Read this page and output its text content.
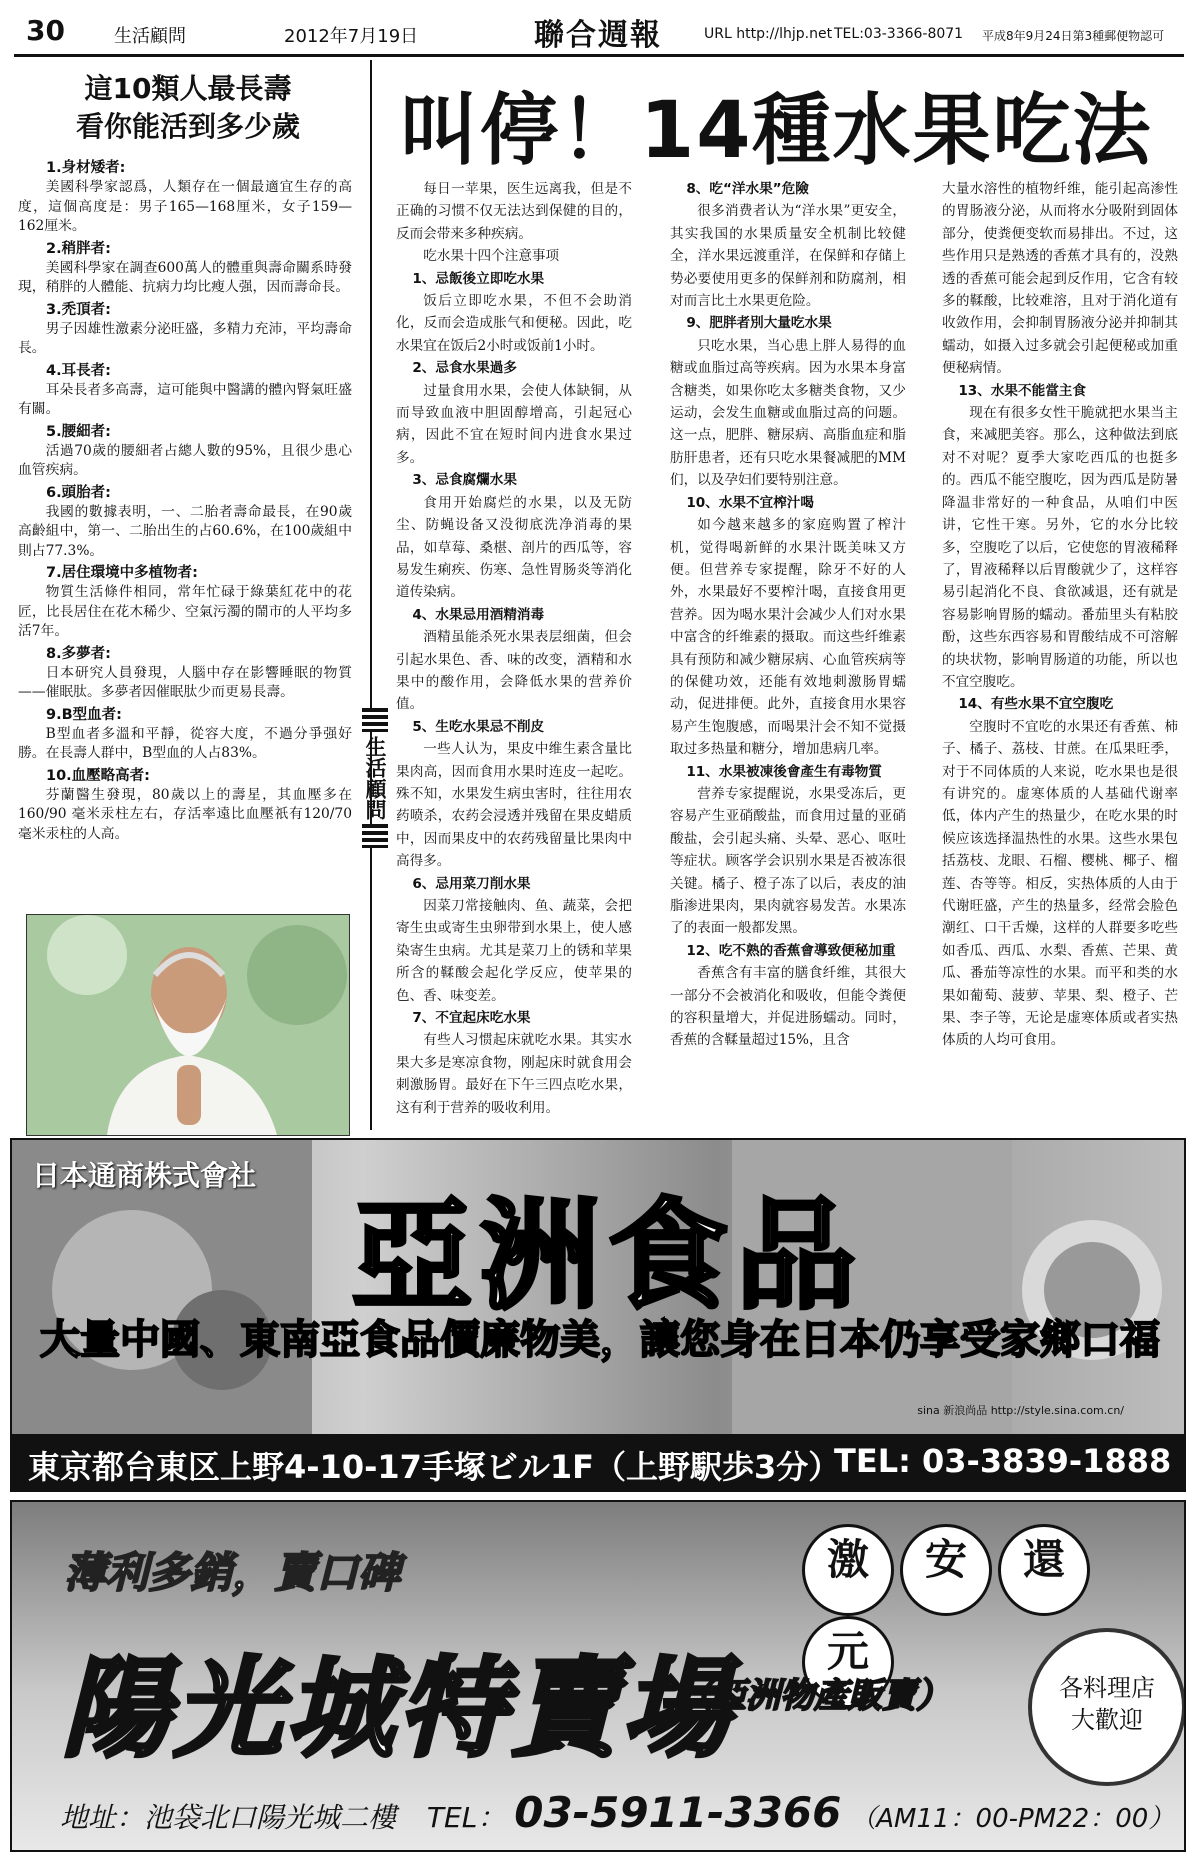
30	生活顧問	2012年7月19日	聯合週報	URL http://lhjp.net TEL:03-3366-8071 平成8年9月24日第3種郵便物認可
這10類人最長壽
看你能活到多少歲
1.身材矮者:
美國科學家認爲，人類存在一個最適宜生存的高度，這個高度是：男子165—168厘米，女子159—162厘米。
2.稍胖者:
美國科學家在調查600萬人的體重與壽命關系時發現，稍胖的人體能、抗病力均比瘦人强，因而壽命長。
3.禿頂者:
男子因雄性激素分泌旺盛，多精力充沛，平均壽命長。
4.耳長者:
耳朵長者多高壽，這可能與中醫講的體內腎氣旺盛有關。
5.腰細者:
活過70歲的腰細者占總人數的95%，且很少患心血管疾病。
6.頭胎者:
我國的數據表明，一、二胎者壽命最長，在90歲高齡組中，第一、二胎出生的占60.6%，在100歲組中則占77.3%。
7.居住環境中多植物者:
物質生活條件相同，常年忙碌于綠葉紅花中的花匠，比長居住在花木稀少、空氣污濁的鬧市的人平均多活7年。
8.多夢者:
日本研究人員發現，人腦中存在影響睡眠的物質——催眠肽。多夢者因催眠肽少而更易長壽。
9.B型血者:
B型血者多溫和平靜，從容大度，不過分爭强好勝。在長壽人群中，B型血的人占83%。
10.血壓略高者:
芬蘭醫生發現，80歲以上的壽星，其血壓多在160/90 毫米汞柱左右，存活率遠比血壓祇有120/70毫米汞柱的人高。
叫停！14種水果吃法
生活顧問

每日一苹果，医生远离我，但是不正确的习惯不仅无法达到保健的目的，反而会带来多种疾病。

吃水果十四个注意事项

1、忌飯後立即吃水果

饭后立即吃水果，不但不会助消化，反而会造成胀气和便秘。因此，吃水果宜在饭后2小时或饭前1小时。

2、忌食水果過多

过量食用水果，会使人体缺铜，从而导致血液中胆固醇增高，引起冠心病，因此不宜在短时间内进食水果过多。

3、忌食腐爛水果

食用开始腐烂的水果，以及无防尘、防蝇设备又没彻底洗净消毒的果品，如草莓、桑椹、剖片的西瓜等，容易发生痢疾、伤寒、急性胃肠炎等消化道传染病。

4、水果忌用酒精消毒

酒精虽能杀死水果表层细菌，但会引起水果色、香、味的改变，酒精和水果中的酸作用，会降低水果的营养价值。

5、生吃水果忌不削皮

一些人认为，果皮中维生素含量比果肉高，因而食用水果时连皮一起吃。殊不知，水果发生病虫害时，往往用农药喷杀，农药会浸透并残留在果皮蜡质中，因而果皮中的农药残留量比果肉中高得多。

6、忌用菜刀削水果

因菜刀常接触肉、鱼、蔬菜，会把寄生虫或寄生虫卵带到水果上，使人感染寄生虫病。尤其是菜刀上的锈和苹果所含的鞣酸会起化学反应，使苹果的色、香、味变差。

7、不宜起床吃水果

有些人习惯起床就吃水果。其实水果大多是寒凉食物，刚起床时就食用会刺激肠胃。最好在下午三四点吃水果，这有利于营养的吸收利用。

8、吃“洋水果”危險

很多消费者认为“洋水果”更安全，其实我国的水果质量安全机制比较健全，洋水果远渡重洋，在保鲜和存储上势必要使用更多的保鲜剂和防腐剂，相对而言比土水果更危险。

9、肥胖者別大量吃水果

只吃水果，当心患上胖人易得的血糖或血脂过高等疾病。因为水果本身富含糖类，如果你吃太多糖类食物，又少运动，会发生血糖或血脂过高的问题。这一点，肥胖、糖尿病、高脂血症和脂肪肝患者，还有只吃水果餐减肥的MM们，以及孕妇们要特别注意。

10、水果不宜榨汁喝

如今越来越多的家庭购置了榨汁机，觉得喝新鲜的水果汁既美味又方便。但营养专家提醒，除牙不好的人外，水果最好不要榨汁喝，直接食用更营养。因为喝水果汁会减少人们对水果中富含的纤维素的摄取。而这些纤维素具有预防和减少糖尿病、心血管疾病等的保健功效，还能有效地刺激肠胃蠕动，促进排便。此外，直接食用水果容易产生饱腹感，而喝果汁会不知不觉摄取过多热量和糖分，增加患病几率。

11、水果被凍後會產生有毒物質

营养专家提醒说，水果受冻后，更容易产生亚硝酸盐，而食用过量的亚硝酸盐，会引起头痛、头晕、恶心、呕吐等症状。顾客学会识别水果是否被冻很关键。橘子、橙子冻了以后，表皮的油脂渗进果肉，果肉就容易发苦。水果冻了的表面一般都发黑。

12、吃不熟的香蕉會導致便秘加重

香蕉含有丰富的膳食纤维，其很大一部分不会被消化和吸收，但能令粪便的容积量增大，并促进肠蠕动。同时，香蕉的含鞣量超过15%，且含

大量水溶性的植物纤维，能引起高渗性的胃肠液分泌，从而将水分吸附到固体部分，使粪便变软而易排出。不过，这些作用只是熟透的香蕉才具有的，没熟透的香蕉可能会起到反作用，它含有较多的鞣酸，比较难溶，且对于消化道有收敛作用，会抑制胃肠液分泌并抑制其蠕动，如摄入过多就会引起便秘或加重便秘病情。

13、水果不能當主食

现在有很多女性干脆就把水果当主食，来减肥美容。那么，这种做法到底对不对呢？夏季大家吃西瓜的也挺多的。西瓜不能空腹吃，因为西瓜是防暑降温非常好的一种食品，从咱们中医讲，它性干寒。另外，它的水分比较多，空腹吃了以后，它使您的胃液稀释了，胃液稀释以后胃酸就少了，这样容易引起消化不良、食欲减退，还有就是容易影响胃肠的蠕动。番茄里头有粘胶酚，这些东西容易和胃酸结成不可溶解的块状物，影响胃肠道的功能，所以也不宜空腹吃。

14、有些水果不宜空腹吃

空腹时不宜吃的水果还有香蕉、柿子、橘子、荔枝、甘蔗。在瓜果旺季，对于不同体质的人来说，吃水果也是很有讲究的。虚寒体质的人基础代谢率低，体内产生的热量少，在吃水果的时候应该选择温热性的水果。这些水果包括荔枝、龙眼、石榴、樱桃、椰子、榴莲、杏等等。相反，实热体质的人由于代谢旺盛，产生的热量多，经常会脸色潮红、口干舌燥，这样的人群要多吃些如香瓜、西瓜、水梨、香蕉、芒果、黄瓜、番茄等凉性的水果。而平和类的水果如葡萄、菠萝、苹果、梨、橙子、芒果、李子等，无论是虚寒体质或者实热体质的人均可食用。

日本通商株式會社
亞洲食品
大量中國、東南亞食品價廉物美，讓您身在日本仍享受家鄉口福
sina 新浪尚品 http://style.sina.com.cn/
東京都台東区上野4-10-17手塚ビル1F（上野駅歩3分）
TEL: 03-3839-1888
薄利多銷，賣口碑	激 安 還元
陽光城特賣場
（亞洲物產販賣）	各料理店
大歡迎
地址：池袋北口陽光城二樓 TEL： 03-5911-3366 （AM11：00-PM22：00）
